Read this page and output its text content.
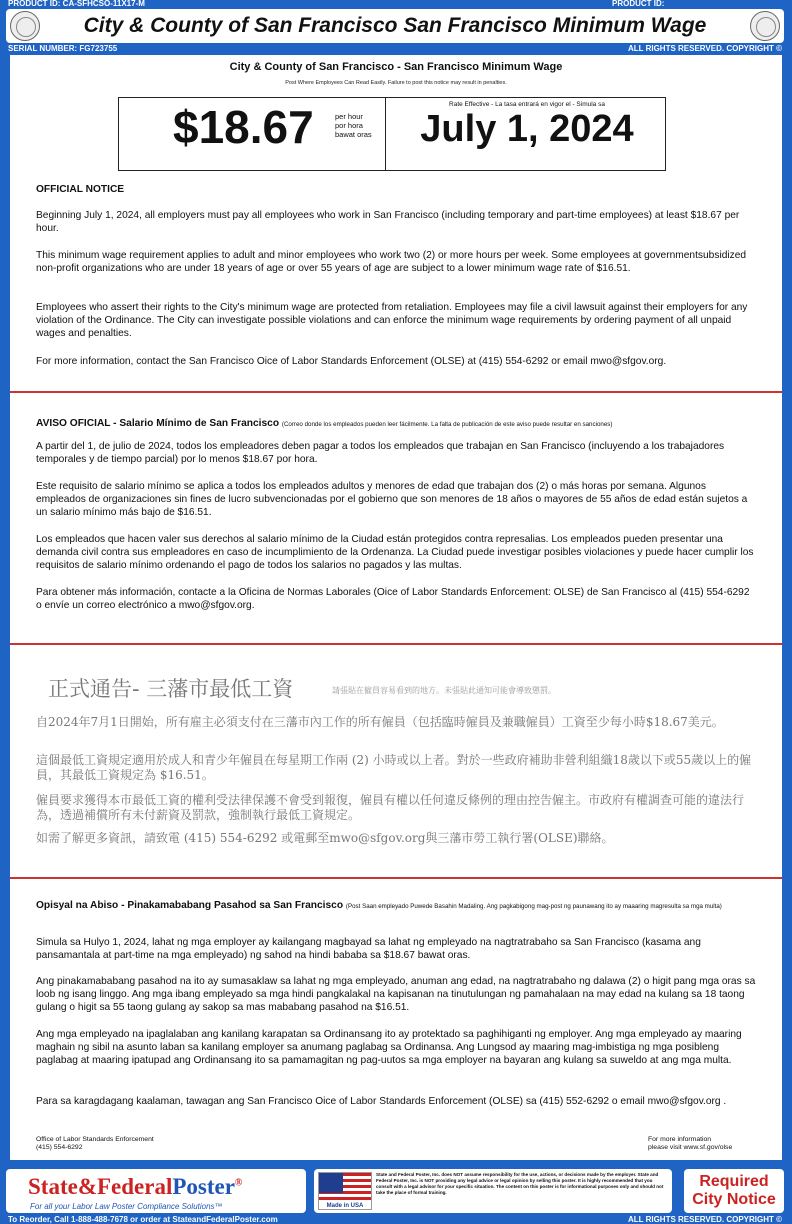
PRODUCT ID: CA-SFHCSO-11X17-M	PRODUCT ID:
City & County of San Francisco San Francisco Minimum Wage
SERIAL NUMBER: FG723755	ALL RIGHTS RESERVED. COPYRIGHT ©
City & County of San Francisco - San Francisco Minimum Wage
Post Where Employees Can Read Easily. Failure to post this notice may result in penalties.
$18.67	per hour
por hora
bawat oras
Rate Effective - La tasa entrará en vigor el - Simula sa
July 1, 2024
OFFICIAL NOTICE
Beginning July 1, 2024, all employers must pay all employees who work in San Francisco (including temporary and part-time employees) at least $18.67 per hour.
This minimum wage requirement applies to adult and minor employees who work two (2) or more hours per week. Some employees at governmentsubsidized non-profit organizations who are under 18 years of age or over 55 years of age are subject to a lower minimum wage rate of $16.51.
Employees who assert their rights to the City's minimum wage are protected from retaliation. Employees may file a civil lawsuit against their employers for any violation of the Ordinance. The City can investigate possible violations and can enforce the minimum wage requirements by ordering payment of all unpaid wages and penalties.
For more information, contact the San Francisco Oice of Labor Standards Enforcement (OLSE) at (415) 554-6292 or email mwo@sfgov.org.
AVISO OFICIAL - Salario Mínimo de San Francisco (Correo donde los empleados pueden leer fácilmente. La falta de publicación de este aviso puede resultar en sanciones)
A partir del 1, de julio de 2024, todos los empleadores deben pagar a todos los empleados que trabajan en San Francisco (incluyendo a los trabajadores temporales y de tiempo parcial) por lo menos $18.67 por hora.
Este requisito de salario mínimo se aplica a todos los empleados adultos y menores de edad que trabajan dos (2) o más horas por semana. Algunos empleados de organizaciones sin fines de lucro subvencionadas por el gobierno que son menores de 18 años o mayores de 55 años de edad están sujetos a un salario mínimo más bajo de $16.51.
Los empleados que hacen valer sus derechos al salario mínimo de la Ciudad están protegidos contra represalias. Los empleados pueden presentar una demanda civil contra sus empleadores en caso de incumplimiento de la Ordenanza. La Ciudad puede investigar posibles violaciones y puede hacer cumplir los requisitos de salario mínimo ordenando el pago de todos los salarios no pagados y las multas.
Para obtener más información, contacte a la Oficina de Normas Laborales (Oice of Labor Standards Enforcement: OLSE) de San Francisco al (415) 554-6292 o envíe un correo electrónico a mwo@sfgov.org.
正式通告- 三藩市最低工資	請張貼在僱員容易看到的地方。未張貼此通知可能會導致懲罰。
自2024年7月1日開始，所有雇主必須支付在三藩市內工作的所有僱員（包括臨時僱員及兼職僱員）工資至少每小時$18.67美元。
這個最低工資規定適用於成人和青少年僱員在每星期工作兩 (2) 小時或以上者。對於一些政府補助非營利組織18歲以下或55歲以上的僱員，其最低工資規定為 $16.51。
僱員要求獲得本市最低工資的權利受法律保護不會受到報復，僱員有權以任何違反條例的理由控告僱主。市政府有權調查可能的違法行為，透過補償所有未付薪資及罰款，強制執行最低工資規定。
如需了解更多資訊，請致電 (415) 554-6292 或電郵至mwo@sfgov.org與三藩市勞工執行署(OLSE)聯絡。
Opisyal na Abiso - Pinakamababang Pasahod sa San Francisco (Post Saan empleyado Puwede Basahin Madaling. Ang pagkabigong mag-post ng paunawang ito ay maaaring magresulta sa mga multa)
Simula sa Hulyo 1, 2024, lahat ng mga employer ay kailangang magbayad sa lahat ng empleyado na nagtratrabaho sa San Francisco (kasama ang pansamantala at part-time na mga empleyado) ng sahod na hindi bababa sa $18.67 bawat oras.
Ang pinakamababang pasahod na ito ay sumasaklaw sa lahat ng mga empleyado, anuman ang edad, na nagtratrabaho ng dalawa (2) o higit pang mga oras sa loob ng isang linggo. Ang mga ibang empleyado sa mga hindi pangkalakal na kapisanan na tinutulungan ng pamahalaan na may edad na kulang sa 18 taong gulang o higit sa 55 taong gulang ay sakop sa mas mababang pasahod na $16.51.
Ang mga empleyado na ipaglalaban ang kanilang karapatan sa Ordinansang ito ay protektado sa paghihiganti ng employer. Ang mga empleyado ay maaring maghain ng sibil na asunto laban sa kanilang employer sa anumang paglabag sa Ordinansa. Ang Lungsod ay maaring mag-imbistiga ng mga posibleng paglabag at maaring ipatupad ang Ordinansang ito sa pamamagitan ng pag-uutos sa mga employer na bayaran ang kulang sa suweldo at ang mga multa.
Para sa karagdagang kaalaman, tawagan ang San Francisco Oice of Labor Standards Enforcement (OLSE) sa (415) 552-6292 o email mwo@sfgov.org .
Office of Labor Standards Enforcement
(415) 554-6292
For more information
please visit www.sf.gov/olse
State&FederalPoster®
For all your Labor Law Poster Compliance Solutions™	Made in USA
State and Federal Poster, Inc. does NOT assume responsibility for the use, actions, or decisions made by the employer. State and Federal Poster, Inc. is NOT providing any legal advice or legal opinion by selling this poster. It is highly recommended that you consult with a legal advisor for your specific situation. The content on this poster is for informational purposes only and should not take the place of formal training.
Required
City Notice
To Reorder, Call 1-888-488-7678 or order at StateandFederalPoster.com	ALL RIGHTS RESERVED. COPYRIGHT ©
